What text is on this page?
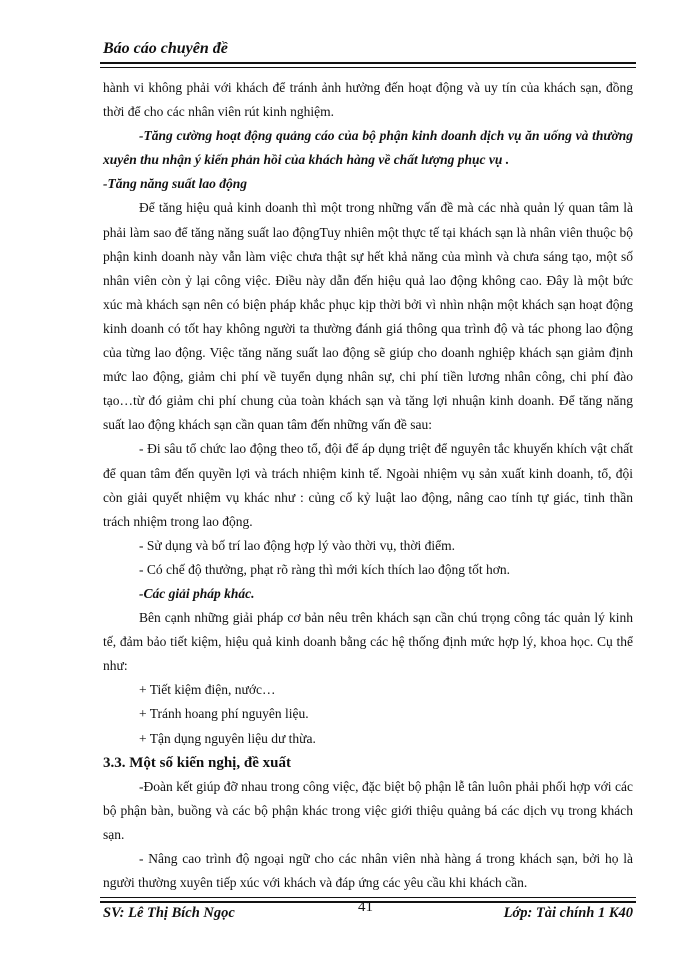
Báo cáo chuyên đề

hành vi không phải với khách để tránh ảnh hưởng đến hoạt động và uy tín của khách sạn, đồng thời để cho các nhân viên rút kinh nghiệm.

-Tăng cường hoạt động quảng cáo của bộ phận kinh doanh dịch vụ ăn uống và thường xuyên thu nhận ý kiến phản hồi của khách hàng về chất lượng phục vụ .

-Tăng năng suất lao động

Để tăng hiệu quả kinh doanh thì một trong những vấn đề mà các nhà quản lý quan tâm là phải làm sao để tăng năng suất lao độngTuy nhiên một thực tế tại khách sạn là nhân viên thuộc bộ phận kinh doanh này vẫn làm việc chưa thật sự hết khả năng của mình và chưa sáng tạo, một số nhân viên còn ỷ lại công việc. Điều này dẫn đến hiệu quả lao động không cao. Đây là một bức xúc mà khách sạn nên có biện pháp khắc phục kịp thời bởi vì nhìn nhận một khách sạn hoạt động kinh doanh có tốt hay không người ta thường đánh giá thông qua trình độ và tác phong lao động của từng lao động. Việc tăng năng suất lao động sẽ giúp cho doanh nghiệp khách sạn giảm định mức lao động, giảm chi phí về tuyển dụng nhân sự, chi phí tiền lương nhân công, chi phí đào tạo…từ đó giảm chi phí chung của toàn khách sạn và tăng lợi nhuận kinh doanh. Để tăng năng suất lao động khách sạn cần quan tâm đến những vấn đề sau:

- Đi sâu tổ chức lao động theo tổ, đội để áp dụng triệt để nguyên tắc khuyến khích vật chất để quan tâm đến quyền lợi và trách nhiệm kinh tế. Ngoài nhiệm vụ sản xuất kinh doanh, tổ, đội còn giải quyết nhiệm vụ khác như : củng cố kỷ luật lao động, nâng cao tính tự giác, tinh thần trách nhiệm trong lao động.

- Sử dụng và bố trí lao động hợp lý vào thời vụ, thời điểm.

- Có chế độ thưởng, phạt rõ ràng thì mới kích thích lao động tốt hơn.

-Các giải pháp khác.

Bên cạnh những giải pháp cơ bản nêu trên khách sạn cần chú trọng công tác quản lý kinh tế, đảm bảo tiết kiệm, hiệu quả kinh doanh bằng các hệ thống định mức hợp lý, khoa học. Cụ thể như:

+ Tiết kiệm điện, nước…

+ Tránh hoang phí nguyên liệu.

+ Tận dụng nguyên liệu dư thừa.

3.3. Một số kiến nghị, đề xuất

-Đoàn kết giúp đỡ nhau trong công việc, đặc biệt bộ phận lễ tân luôn phải phối hợp với các bộ phận bàn, buồng và các bộ phận khác trong việc giới thiệu quảng bá các dịch vụ trong khách sạn.

- Nâng cao trình độ ngoại ngữ cho các nhân viên nhà hàng á trong khách sạn, bởi họ là người thường xuyên tiếp xúc với khách và đáp ứng các yêu cầu khi khách cần.

SV: Lê Thị Bích Ngọc	41	Lớp: Tài chính 1 K40
